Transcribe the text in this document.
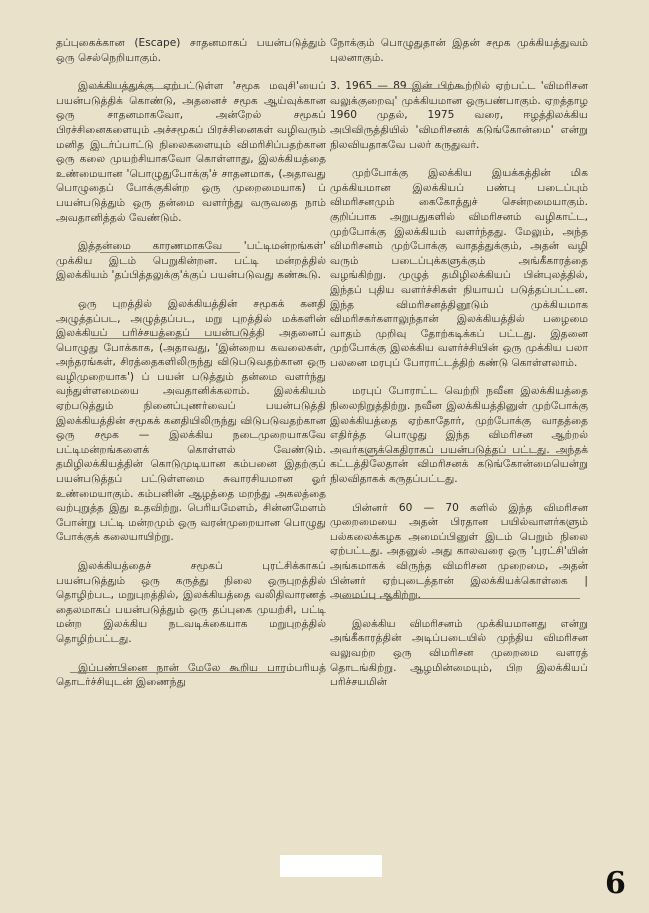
தப்புகைக்கான (Escape) சாதனமாகப் பயன்படுத்தும் ஒரு செல்நெறியாகும்.

இலக்கியத்துக்கு ஏற்பட்டுள்ள 'சமூக மவுசி'யைப் பயன்படுத்திக் கொண்டு, அதனைச் சமூக ஆய்வுக்கான ஒரு சாதனமாகவோ, அன்றேல் சமூகப் பிரச்சினைகளையும் அச்சமூகப் பிரச்சினைகள் வழிவரும் மனித இடர்ப்பாட்டு நிலைகளையும் விமரிசிப்பதற்கான ஒரு கலை முயற்சியாகவோ கொள்ளாது, இலக்கியத்தை உண்மையான 'பொழுதுபோக்கு'ச் சாதனமாக, (அதாவது பொழுதைப் போக்குகின்ற ஒரு முறைமையாக) ப் பயன்படுத்தும் ஒரு தன்மை வளர்ந்து வருவதை நாம் அவதானித்தல் வேண்டும்.

இத்தன்மை காரணமாகவே 'பட்டிமன்றங்கள்' முக்கிய இடம் பெறுகின்றன. பட்டி மன்றத்தில் இலக்கியம் 'தப்பித்தலுக்கு'க்குப் பயன்படுவது கண்கூடு.

ஒரு புறத்தில் இலக்கியத்தின் சமூகக் கனதி அழுத்தப்பட, அழுத்தப்பட, மறு புறத்தில் மக்களின் இலக்கியப் பரிச்சயத்தைப் பயன்படுத்தி அதனைப் பொழுது போக்காக, (அதாவது, 'இன்றைய கவலைகள், அந்தரங்கள், சிரத்தைகளிலிருந்து விடுபடுவதற்கான ஒரு வழிமுறையாக') ப் பயன் படுத்தும் தன்மை வளர்ந்து வந்துள்ளமையை அவதானிக்கலாம். இலக்கியம் ஏற்படுத்தும் நினைப்புணர்வைப் பயன்படுத்தி இலக்கியத்தின் சமூகக் கனதியிலிருந்து விடுபடுவதற்கான ஒரு சமூக — இலக்கிய நடைமுறையாகவே பட்டிமன்றங்களைக் கொள்ளல் வேண்டும். தமிழிலக்கியத்தின் கொடுமுடியான கம்பனை இதற்குப் பயன்படுத்தப் பட்டுள்ளமை சுவாரசியமான ஓர் உண்மையாகும். கம்பனின் ஆழத்தை மறந்து அகலத்தை வற்புறுத்த இது உதவிற்று. பெரியமேளம், சின்னமேளம் போன்று பட்டி மன்றமும் ஒரு வரன்முறையான பொழுது போக்குக் கலையாயிற்று.

இலக்கியத்தைச் சமூகப் புரட்சிக்காகப் பயன்படுத்தும் ஒரு கருத்து நிலை ஒருபுறத்தில் தொழிற்பட, மறுபுறத்தில், இலக்கியத்தை வலிதிவாரணத் தைலமாகப் பயன்படுத்தும் ஒரு தப்புகை முயற்சி, பட்டி மன்ற இலக்கிய நடவடிக்கையாக மறுபுறத்தில் தொழிற்பட்டது.

இப்பண்பினை நான் மேலே கூறிய பாரம்பரியத் தொடர்ச்சியுடன் இணைந்து

நோக்கும் பொழுதுதான் இதன் சமூக முக்கியத்துவம் புலனாகும்.

3. 1965 — 89 இன் பிற்கூற்றில் ஏற்பட்ட 'விமரிசன வலுக்குறைவு' முக்கியமான ஒருபண்பாகும். ஏறத்தாழ 1960 முதல், 1975 வரை, ஈழத்திலக்கிய அபிவிருத்தியில் 'விமரிசனக் கடுங்கோன்மை' என்று நிலவியதாகவே பலர் கருதுவர்.

முற்போக்கு இலக்கிய இயக்கத்தின் மிக முக்கியமான இலக்கியப் பண்பு படைப்பும் விமரிசனமும் கைகோத்துச் சென்றமையாகும். குறிப்பாக அறுபதுகளில் விமரிசனம் வழிகாட்ட, முற்போக்கு இலக்கியம் வளர்ந்தது. மேலும், அந்த விமரிசனம் முற்போக்கு வாதத்துக்கும், அதன் வழி வரும் படைப்புக்களுக்கும் அங்கீகாரத்தை வழங்கிற்று. முழுத் தமிழிலக்கியப் பின்புலத்தில், இந்தப் புதிய வளர்ச்சிகள் நியாயப் படுத்தப்பட்டன. இந்த விமரிசனத்தினூடும் முக்கியமாக விமரிசகர்களாலுந்தான் இலக்கியத்தில் பழைமை வாதம் முறிவு தோற்கடிக்கப் பட்டது. இதனை முற்போக்கு இலக்கிய வளர்ச்சியின் ஒரு முக்கிய பலா பலனை மரபுப் போராட்டத்திற் கண்டு கொள்ளலாம்.

மரபுப் போராட்ட வெற்றி நவீன இலக்கியத்தை நிலைநிறுத்திற்று. நவீன இலக்கியத்தினுள் முற்போக்கு இலக்கியத்தை ஏற்காதோர், முற்போக்கு வாதத்தை எதிர்த்த பொழுது இந்த விமரிசன ஆற்றல் அவர்களுக்கெதிராகப் பயன்படுத்தப் பட்டது. அந்தக் கட்டத்திலேதான் விமரிசனக் கடுங்கோன்மையென்று நிலவிதாகக் கருதப்பட்டது.

பின்னர் 60 — 70 களில் இந்த விமரிசன முறைமையை அதன் பிரதான பயில்வாளர்களும் பல்கலைக்கழக அமைப்பினுள் இடம் பெறும் நிலை ஏற்பட்டது. அதனுல் அது காலவரை ஒரு 'புரட்சி'யின் அங்கமாகக் விருந்த விமரிசன முறைமை, அதன் பின்னர் ஏற்புடைத்தான் இலக்கியக்கொள்கை | அமைப்பு ஆகிற்று.

இலக்கிய விமரிசனம் முக்கியமானது என்று அங்கீகாரத்தின் அடிப்படையில் முந்திய விமரிசன வலுவற்ற ஒரு விமரிசன முறைமை வளரத் தொடங்கிற்று. ஆழமின்மையும், பிற இலக்கியப் பரிச்சயமின்

6
